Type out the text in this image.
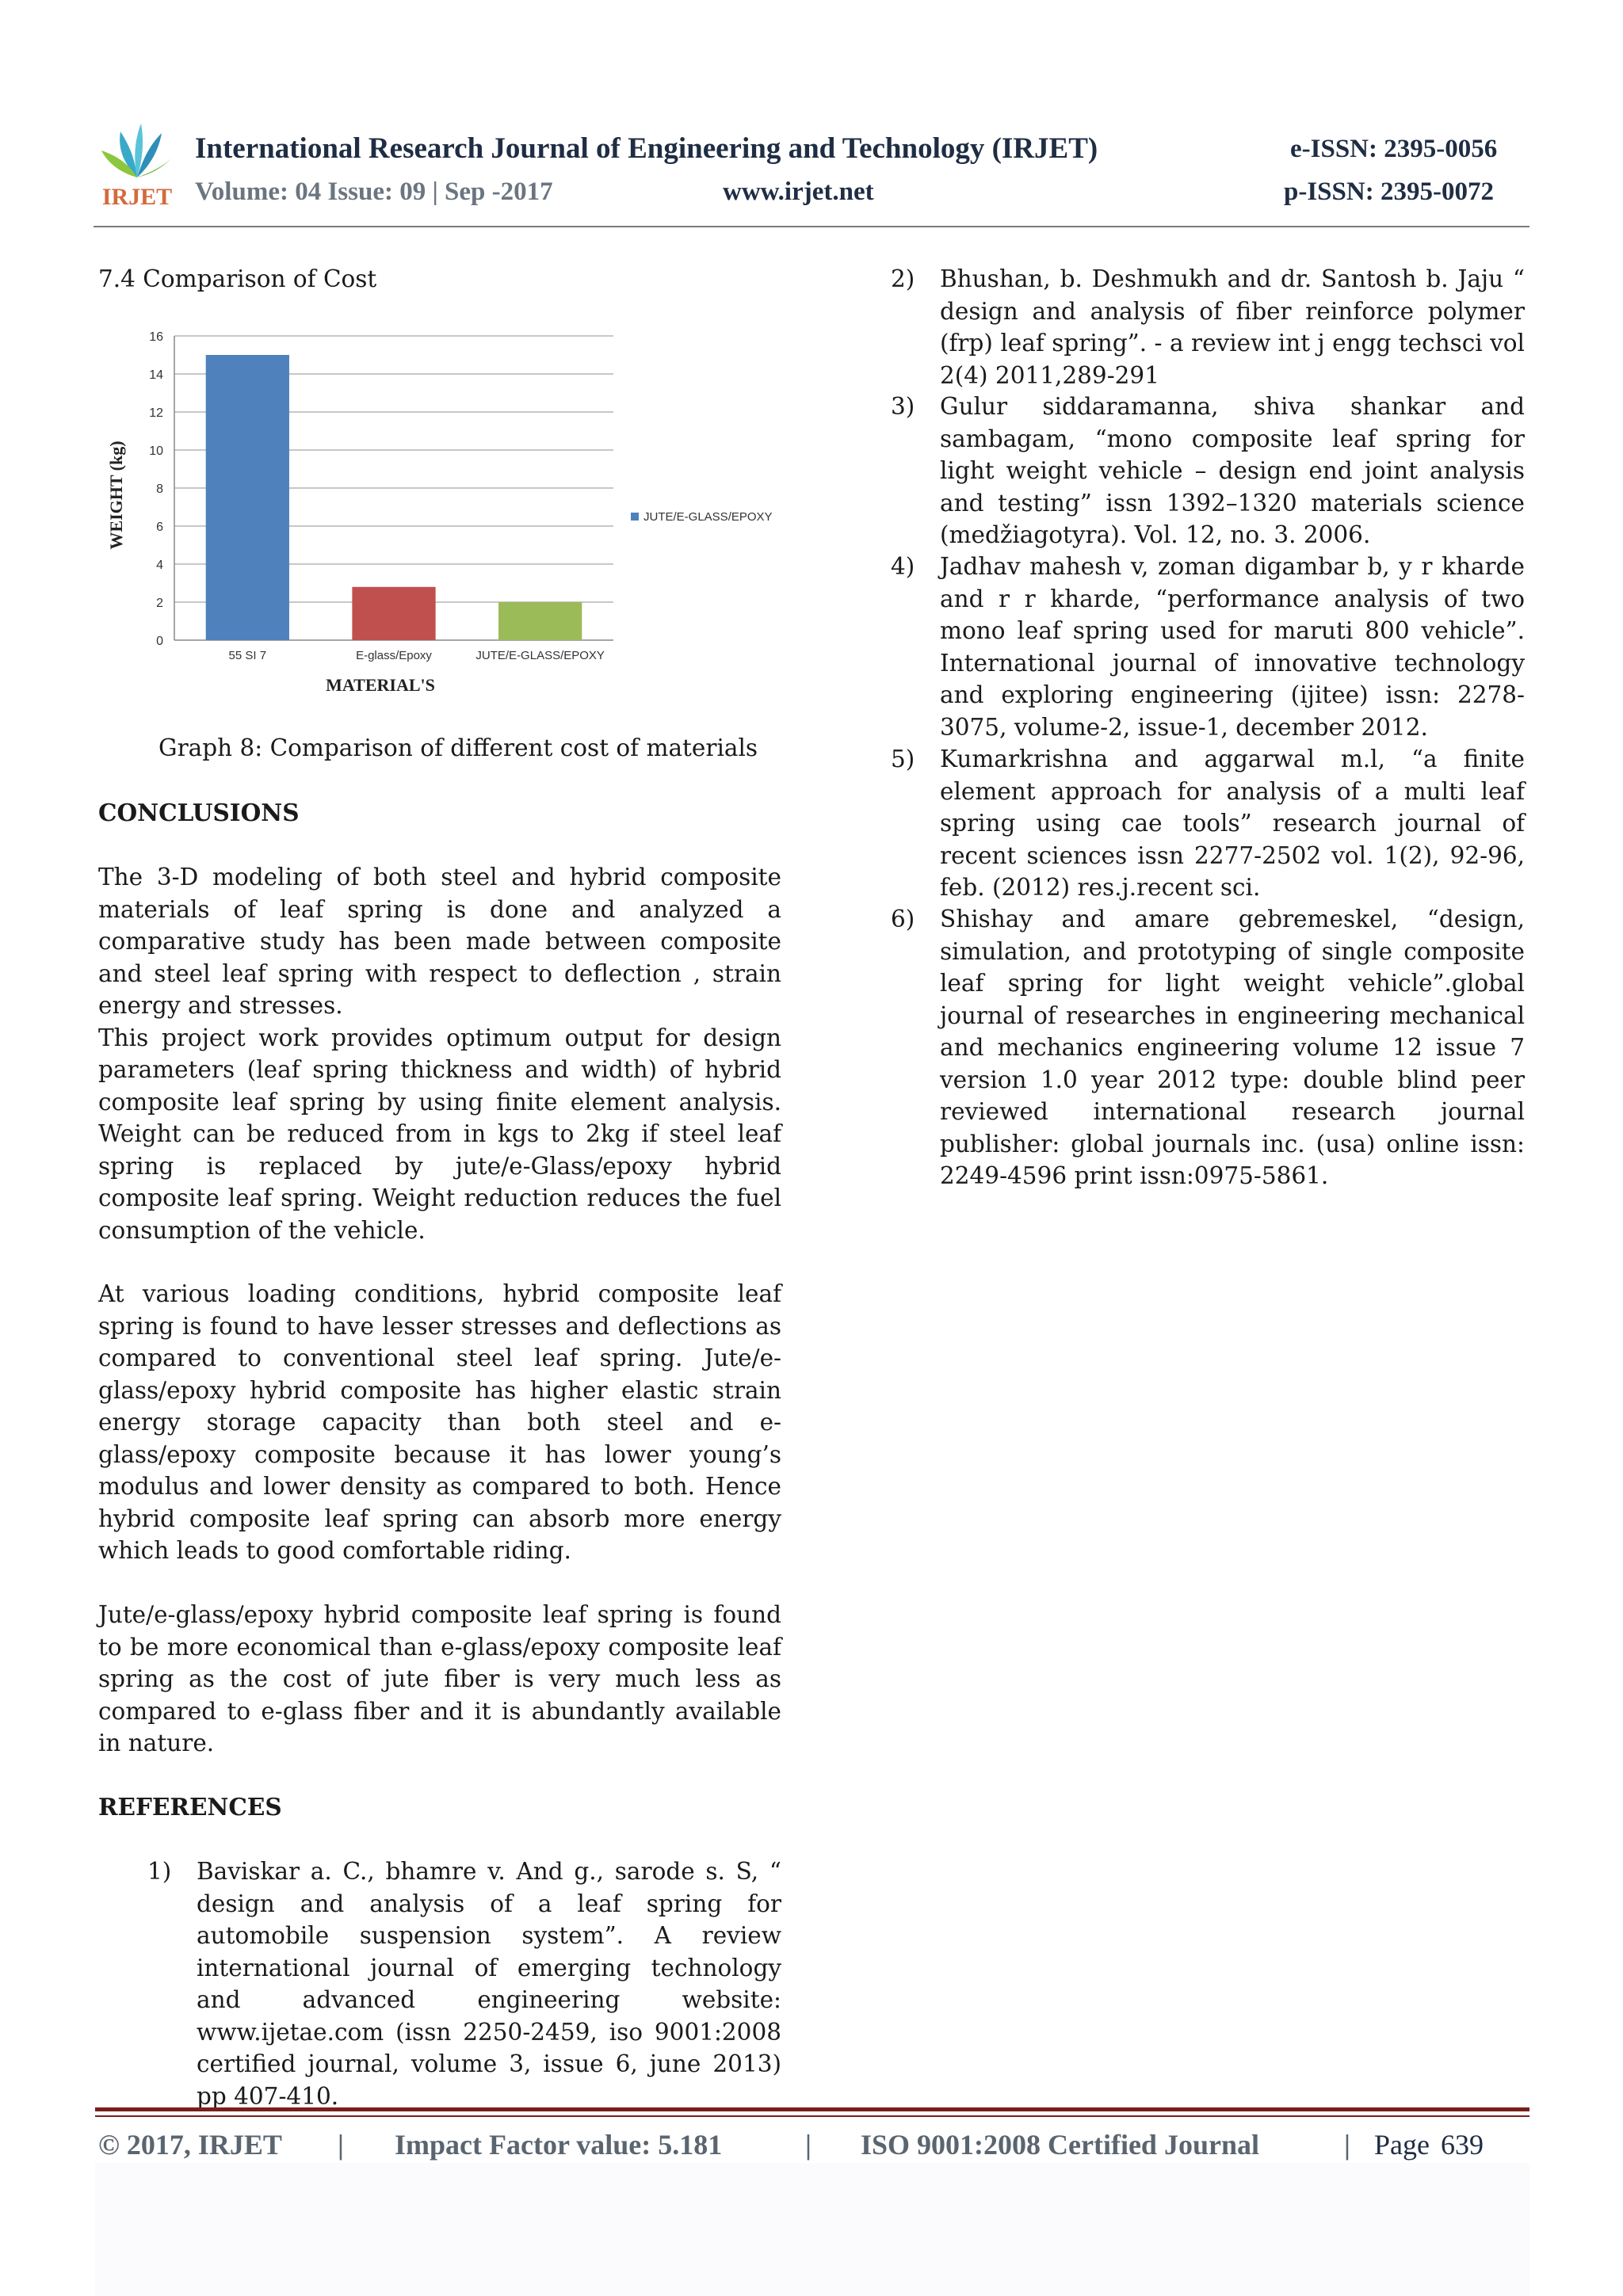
IRJET
International Research Journal of Engineering and Technology (IRJET)	e-ISSN: 2395-0056
Volume: 04 Issue: 09 | Sep -2017	www.irjet.net	p-ISSN: 2395-0072
7.4 Comparison of Cost
0
2
4
6
8
10
12
14
16
55 SI 7	E-glass/Epoxy	JUTE/E-GLASS/EPOXY
WEIGHT (kg)
MATERIAL'S
JUTE/E-GLASS/EPOXY
Graph 8: Comparison of different cost of materials
CONCLUSIONS
The 3-D modeling of both steel and hybrid composite materials of leaf spring is done and analyzed a comparative study has been made between composite and steel leaf spring with respect to deflection , strain energy and stresses.
This project work provides optimum output for design parameters (leaf spring thickness and width) of hybrid composite leaf spring by using finite element analysis. Weight can be reduced from in kgs to 2kg if steel leaf spring is replaced by jute/e-Glass/epoxy hybrid composite leaf spring. Weight reduction reduces the fuel consumption of the vehicle.
At various loading conditions, hybrid composite leaf spring is found to have lesser stresses and deflections as compared to conventional steel leaf spring. Jute/e-glass/epoxy hybrid composite has higher elastic strain energy storage capacity than both steel and e-glass/epoxy composite because it has lower young’s modulus and lower density as compared to both. Hence hybrid composite leaf spring can absorb more energy which leads to good comfortable riding.
Jute/e-glass/epoxy hybrid composite leaf spring is found to be more economical than e-glass/epoxy composite leaf spring as the cost of jute fiber is very much less as compared to e-glass fiber and it is abundantly available in nature.
REFERENCES
1) Baviskar a. C., bhamre v. And g., sarode s. S, “ design and analysis of a leaf spring for automobile suspension system”. A review international journal of emerging technology and advanced engineering website: www.ijetae.com (issn 2250-2459, iso 9001:2008 certified journal, volume 3, issue 6, june 2013) pp 407-410.
2) Bhushan, b. Deshmukh and dr. Santosh b. Jaju “ design and analysis of fiber reinforce polymer (frp) leaf spring”. - a review int j engg techsci vol 2(4) 2011,289-291
3) Gulur siddaramanna, shiva shankar and sambagam, “mono composite leaf spring for light weight vehicle – design end joint analysis and testing” issn 1392–1320 materials science (medžiagotyra). Vol. 12, no. 3. 2006.
4) Jadhav mahesh v, zoman digambar b, y r kharde and r r kharde, “performance analysis of two mono leaf spring used for maruti 800 vehicle”. International journal of innovative technology and exploring engineering (ijitee) issn: 2278-3075, volume-2, issue-1, december 2012.
5) Kumarkrishna and aggarwal m.l, “a finite element approach for analysis of a multi leaf spring using cae tools” research journal of recent sciences issn 2277-2502 vol. 1(2), 92-96, feb. (2012) res.j.recent sci.
6) Shishay and amare gebremeskel, “design, simulation, and prototyping of single composite leaf spring for light weight vehicle”.global journal of researches in engineering mechanical and mechanics engineering volume 12 issue 7 version 1.0 year 2012 type: double blind peer reviewed international research journal publisher: global journals inc. (usa) online issn: 2249-4596 print issn:0975-5861.
© 2017, IRJET | Impact Factor value: 5.181	| ISO 9001:2008 Certified Journal	| Page 639
